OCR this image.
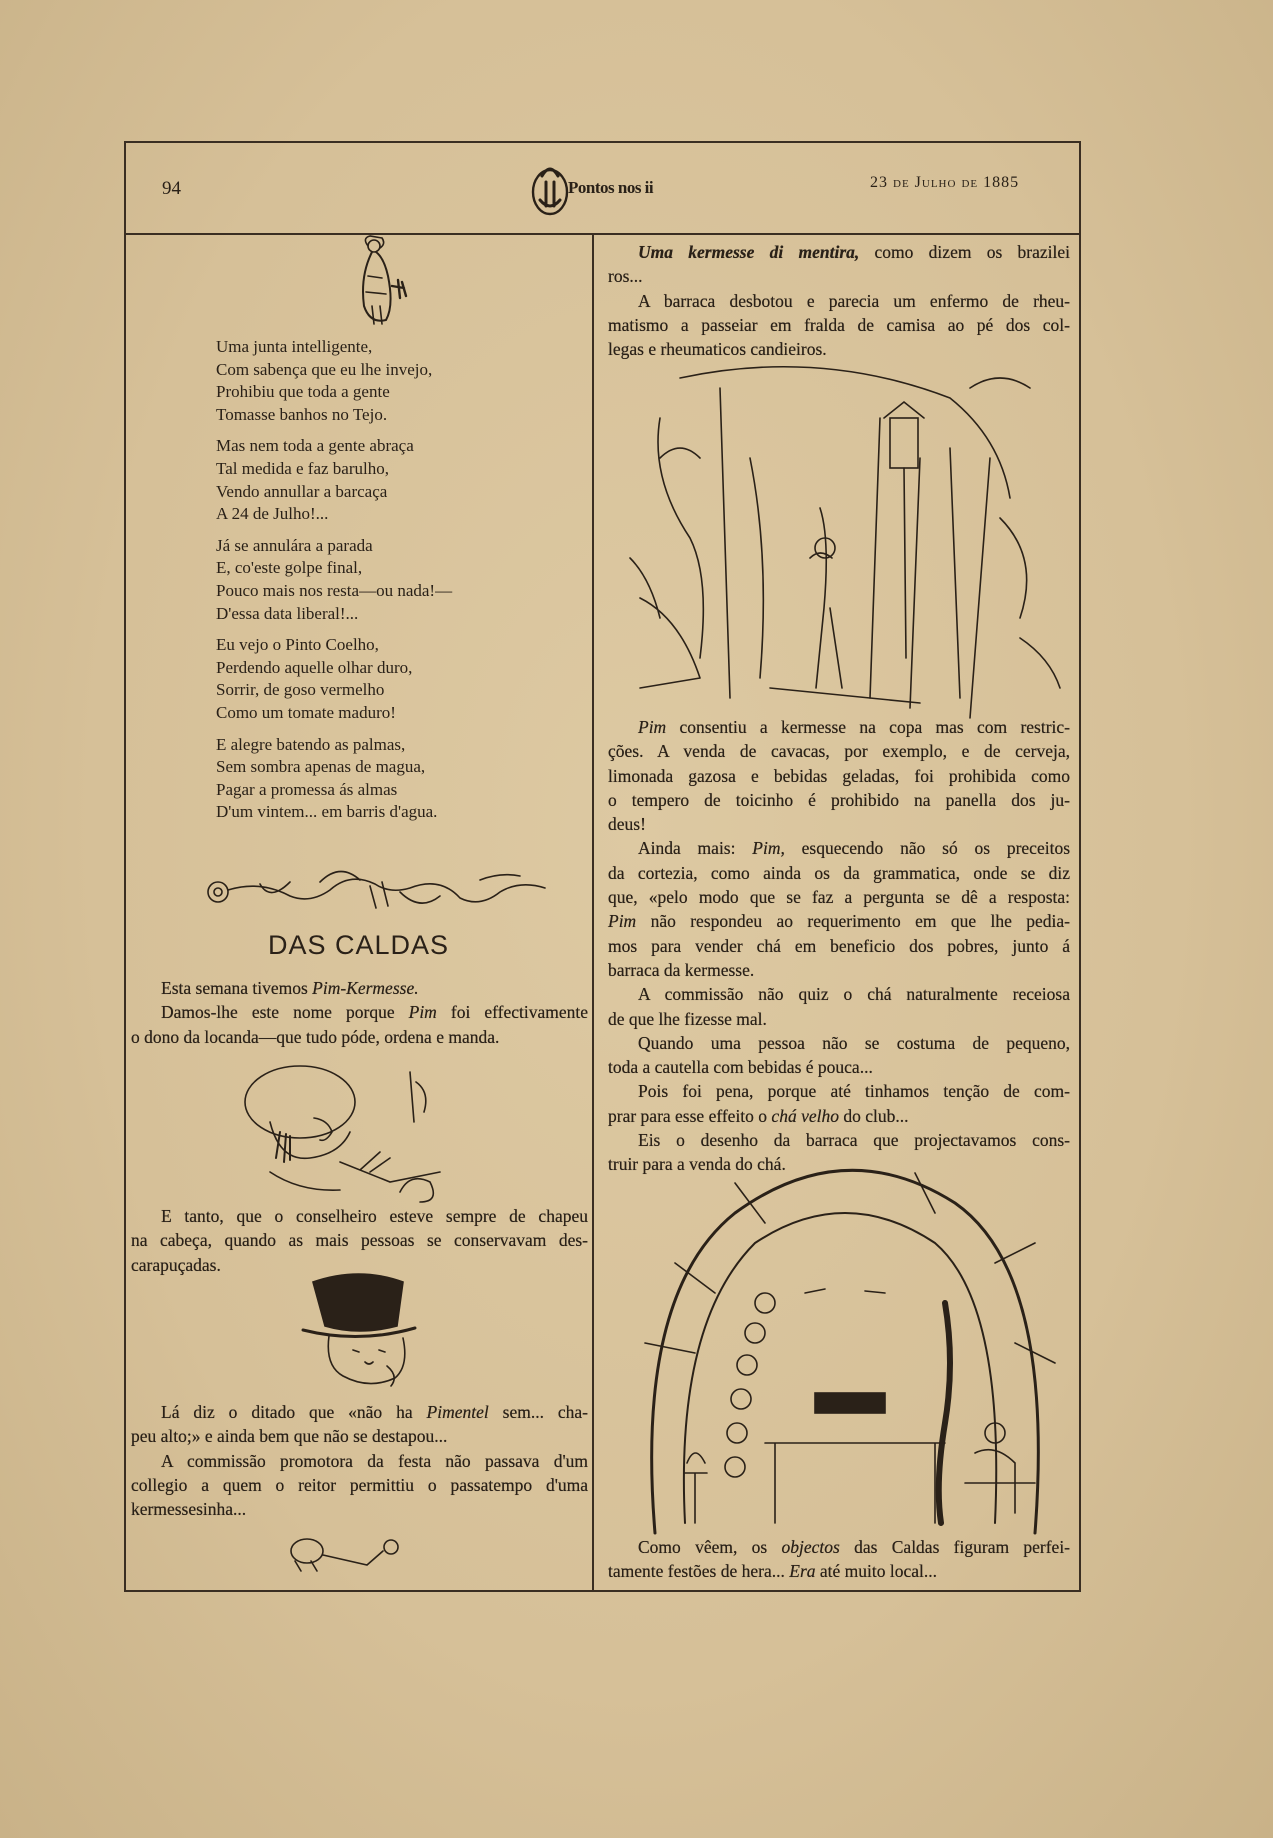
94	Pontos nos ii	23 de Julho de 1885
Uma junta intelligente,
Com sabença que eu lhe invejo,
Prohibiu que toda a gente
Tomasse banhos no Tejo.
Mas nem toda a gente abraça
Tal medida e faz barulho,
Vendo annullar a barcaça
A 24 de Julho!...
Já se annulára a parada
E, co'este golpe final,
Pouco mais nos resta—ou nada!—
D'essa data liberal!...
Eu vejo o Pinto Coelho,
Perdendo aquelle olhar duro,
Sorrir, de goso vermelho
Como um tomate maduro!
E alegre batendo as palmas,
Sem sombra apenas de magua,
Pagar a promessa ás almas
D'um vintem... em barris d'agua.
DAS CALDAS
Esta semana tivemos Pim-Kermesse.
Damos-lhe este nome porque Pim foi effectivamente
o dono da locanda—que tudo póde, ordena e manda.
E tanto, que o conselheiro esteve sempre de chapeu
na cabeça, quando as mais pessoas se conservavam des-
carapuçadas.
Lá diz o ditado que «não ha Pimentel sem... cha-
peu alto;» e ainda bem que não se destapou...
A commissão promotora da festa não passava d'um
collegio a quem o reitor permittiu o passatempo d'uma
kermessesinha...
Uma kermesse di mentira, como dizem os brazilei
ros...
A barraca desbotou e parecia um enfermo de rheu-
matismo a passeiar em fralda de camisa ao pé dos col-
legas e rheumaticos candieiros.
Pim consentiu a kermesse na copa mas com restric-
ções. A venda de cavacas, por exemplo, e de cerveja,
limonada gazosa e bebidas geladas, foi prohibida como
o tempero de toicinho é prohibido na panella dos ju-
deus!
Ainda mais: Pim, esquecendo não só os preceitos
da cortezia, como ainda os da grammatica, onde se diz
que, «pelo modo que se faz a pergunta se dê a resposta:
Pim não respondeu ao requerimento em que lhe pedia-
mos para vender chá em beneficio dos pobres, junto á
barraca da kermesse.
A commissão não quiz o chá naturalmente receiosa
de que lhe fizesse mal.
Quando uma pessoa não se costuma de pequeno,
toda a cautella com bebidas é pouca...
Pois foi pena, porque até tinhamos tenção de com-
prar para esse effeito o chá velho do club...
Eis o desenho da barraca que projectavamos cons-
truir para a venda do chá.
Como vêem, os objectos das Caldas figuram perfei-
tamente festões de hera... Era até muito local...
